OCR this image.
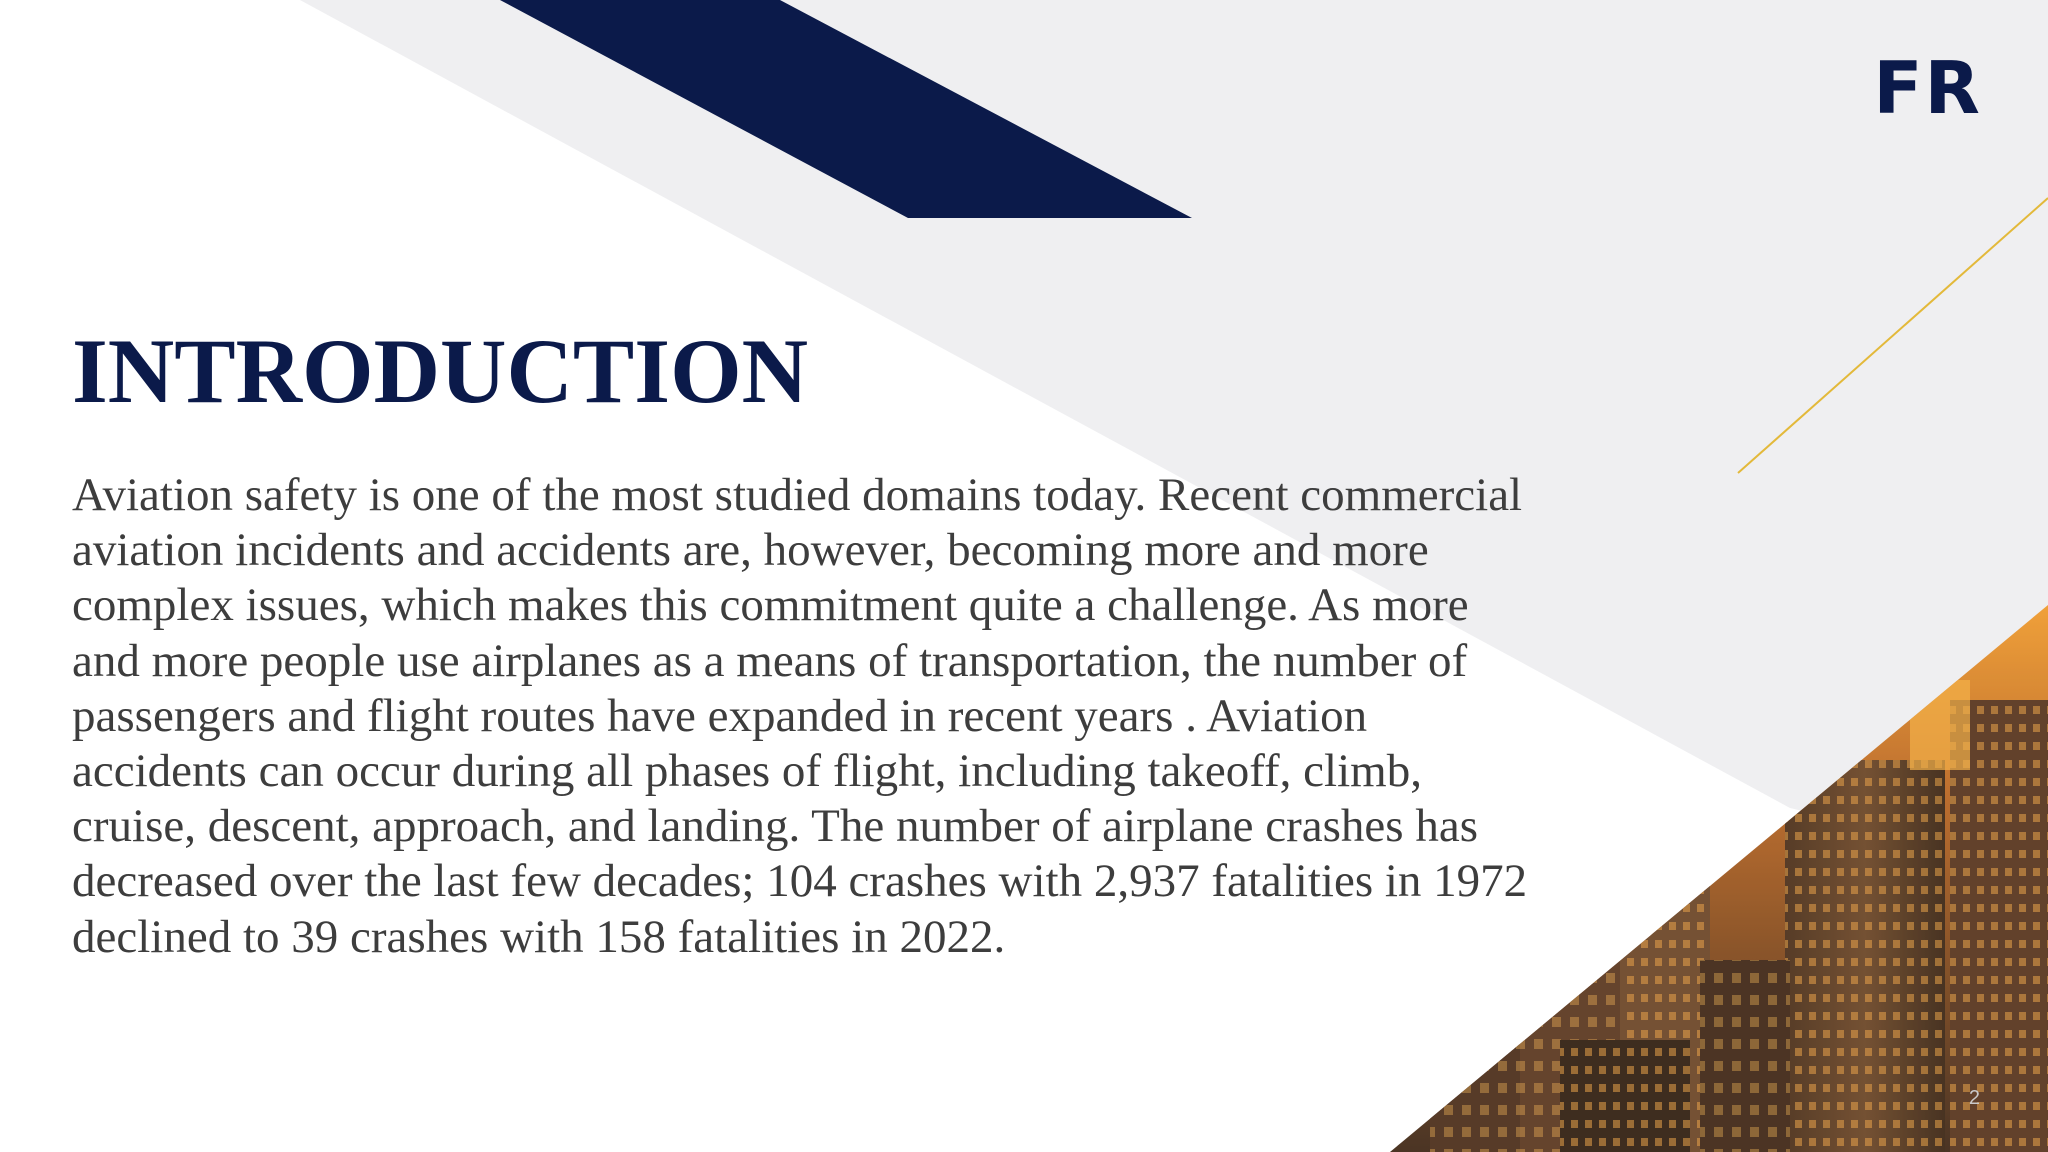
FR
INTRODUCTION

Aviation safety is one of the most studied domains today. Recent commercial aviation incidents and accidents are, however, becoming more and more complex issues, which makes this commitment quite a challenge. As more and more people use airplanes as a means of transportation, the number of passengers and flight routes have expanded in recent years . Aviation accidents can occur during all phases of flight, including takeoff, climb, cruise, descent, approach, and landing. The number of airplane crashes has decreased over the last few decades; 104 crashes with 2,937 fatalities in 1972 declined to 39 crashes with 158 fatalities in 2022.

2
